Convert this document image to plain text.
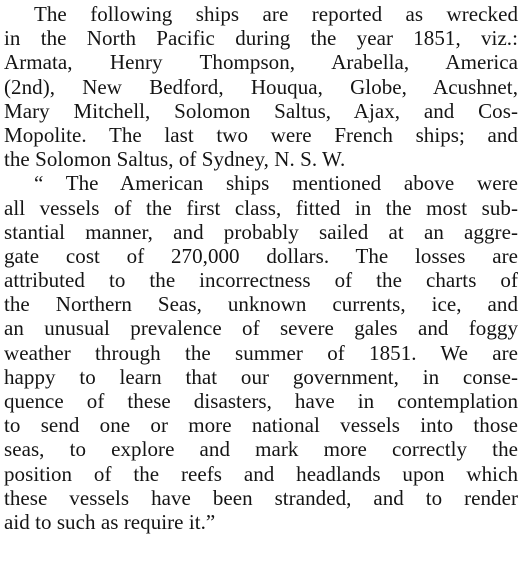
The following ships are reported as wrecked
in the North Pacific during the year 1851, viz.:
Armata, Henry Thompson, Arabella, America
(2nd), New Bedford, Houqua, Globe, Acushnet,
Mary Mitchell, Solomon Saltus, Ajax, and Cos-
Mopolite. The last two were French ships; and
the Solomon Saltus, of Sydney, N. S. W.
“ The American ships mentioned above were
all vessels of the first class, fitted in the most sub-
stantial manner, and probably sailed at an aggre-
gate cost of 270,000 dollars. The losses are
attributed to the incorrectness of the charts of
the Northern Seas, unknown currents, ice, and
an unusual prevalence of severe gales and foggy
weather through the summer of 1851. We are
happy to learn that our government, in conse-
quence of these disasters, have in contemplation
to send one or more national vessels into those
seas, to explore and mark more correctly the
position of the reefs and headlands upon which
these vessels have been stranded, and to render
aid to such as require it.”
